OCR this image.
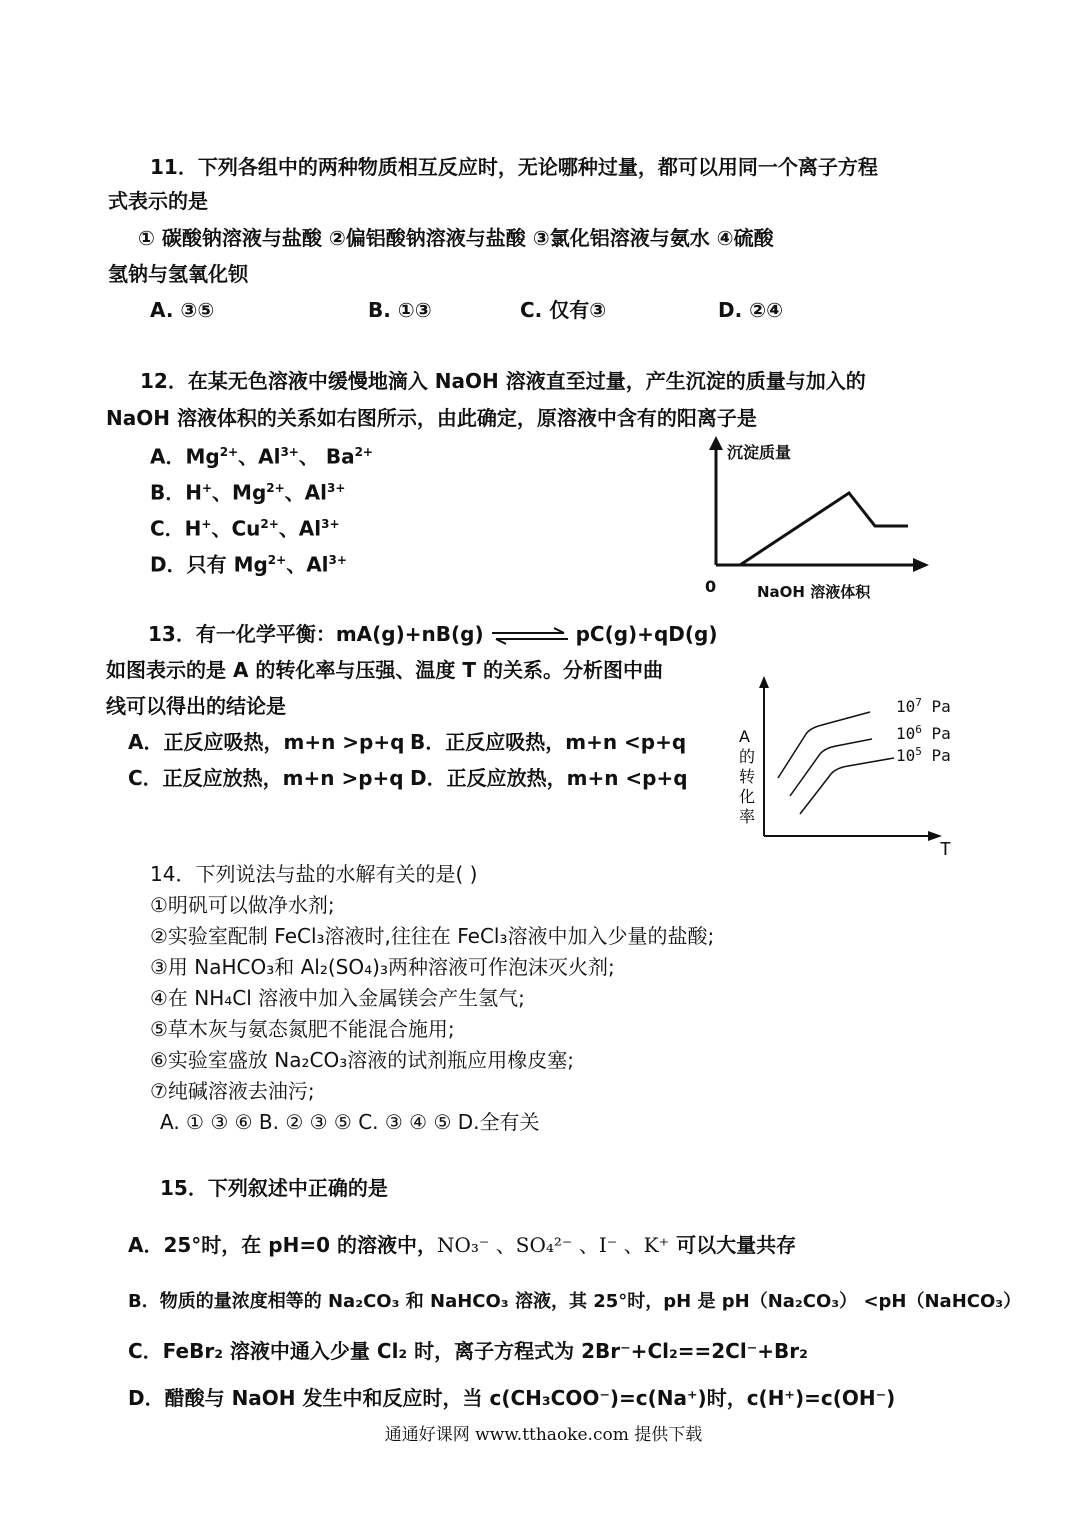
11．下列各组中的两种物质相互反应时，无论哪种过量，都可以用同一个离子方程
式表示的是
① 碳酸钠溶液与盐酸 ②偏铝酸钠溶液与盐酸 ③氯化铝溶液与氨水 ④硫酸
氢钠与氢氧化钡
A. ③⑤	B. ①③	C. 仅有③	D. ②④
12．在某无色溶液中缓慢地滴入 NaOH 溶液直至过量，产生沉淀的质量与加入的
NaOH 溶液体积的关系如右图所示，由此确定，原溶液中含有的阳离子是
A．$Mg^{2+}$、$Al^{3+}$、 $Ba^{2+}$
B．H+、$Mg^{2+}$、$Al^{3+}$
C．H+、$Cu^{2+}$、$Al^{3+}$
D．只有 $Mg^{2+}$、$Al^{3+}$
沉淀质量
0	NaOH 溶液体积
13．有一化学平衡：mA(g)+nB(g) ⇌ pC(g)+qD(g)
如图表示的是 A 的转化率与压强、温度 T 的关系。分析图中曲
线可以得出的结论是
A．正反应吸热，m+n >p+q B．正反应吸热，m+n <p+q
C．正反应放热，m+n >p+q D．正反应放热，m+n <p+q
$10^7$ Pa
$10^6$ Pa
$10^5$ Pa
A
的
转
化
率
T
14．下列说法与盐的水解有关的是( )
①明矾可以做净水剂;
②实验室配制 FeCl₃溶液时,往往在 FeCl₃溶液中加入少量的盐酸;
③用 NaHCO₃和 Al₂(SO₄)₃两种溶液可作泡沫灭火剂;
④在 NH₄Cl 溶液中加入金属镁会产生氢气;
⑤草木灰与氨态氮肥不能混合施用;
⑥实验室盛放 Na₂CO₃溶液的试剂瓶应用橡皮塞;
⑦纯碱溶液去油污;
A. ① ③ ⑥ B. ② ③ ⑤ C. ③ ④ ⑤ D.全有关
15．下列叙述中正确的是
A．25°时，在 pH=0 的溶液中，NO₃⁻ 、SO₄²⁻ 、I⁻ 、K⁺ 可以大量共存
B．物质的量浓度相等的 Na₂CO₃ 和 NaHCO₃ 溶液，其 25°时，pH 是 pH（Na₂CO₃） <pH（NaHCO₃）
C．FeBr₂ 溶液中通入少量 Cl₂ 时，离子方程式为 2Br⁻+Cl₂==2Cl⁻+Br₂
D．醋酸与 NaOH 发生中和反应时，当 c(CH₃COO⁻)=c(Na⁺)时，c(H⁺)=c(OH⁻)
通通好课网 www.tthaoke.com 提供下载
